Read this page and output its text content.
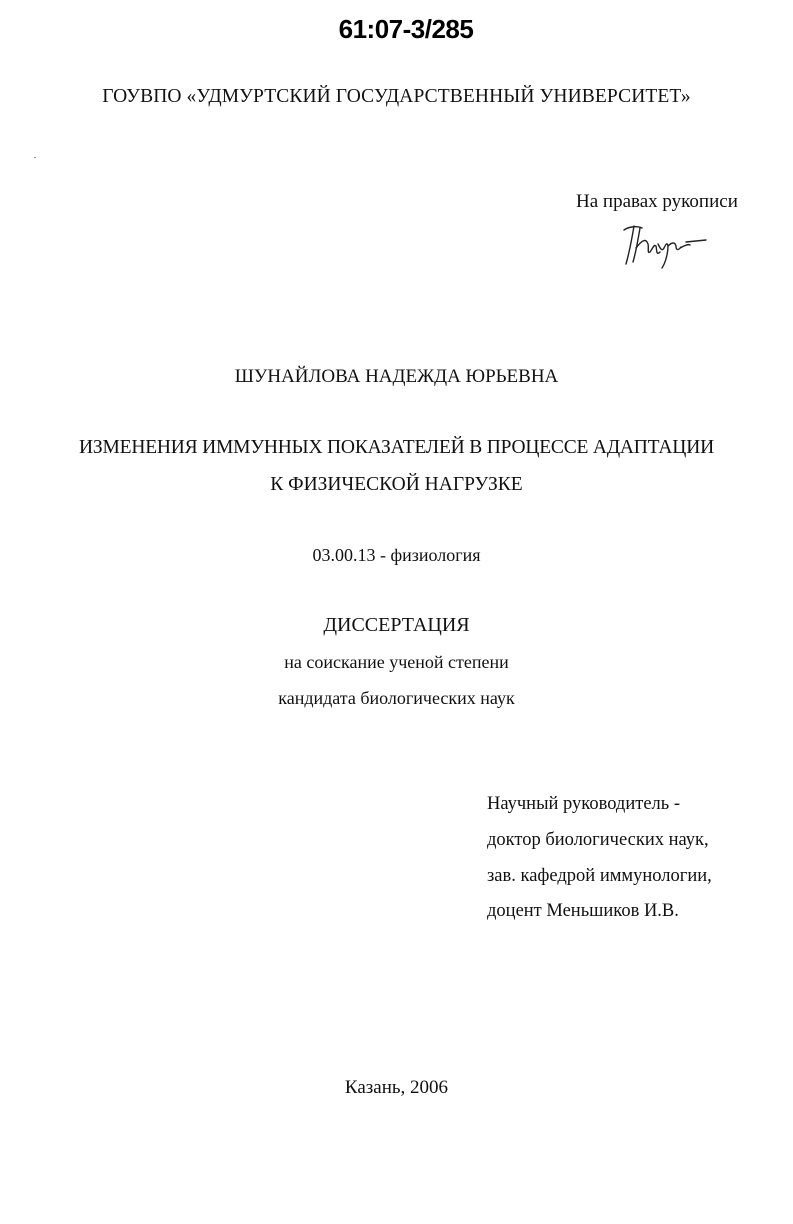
61:07-3/285
ГОУВПО «УДМУРТСКИЙ ГОСУДАРСТВЕННЫЙ УНИВЕРСИТЕТ»
На правах рукописи
ШУНАЙЛОВА НАДЕЖДА ЮРЬЕВНА
ИЗМЕНЕНИЯ ИММУННЫХ ПОКАЗАТЕЛЕЙ В ПРОЦЕССЕ АДАПТАЦИИ
К ФИЗИЧЕСКОЙ НАГРУЗКЕ
03.00.13 - физиология
ДИССЕРТАЦИЯ
на соискание ученой степени
кандидата биологических наук
Научный руководитель -
доктор биологических наук,
зав. кафедрой иммунологии,
доцент Меньшиков И.В.
Казань, 2006
